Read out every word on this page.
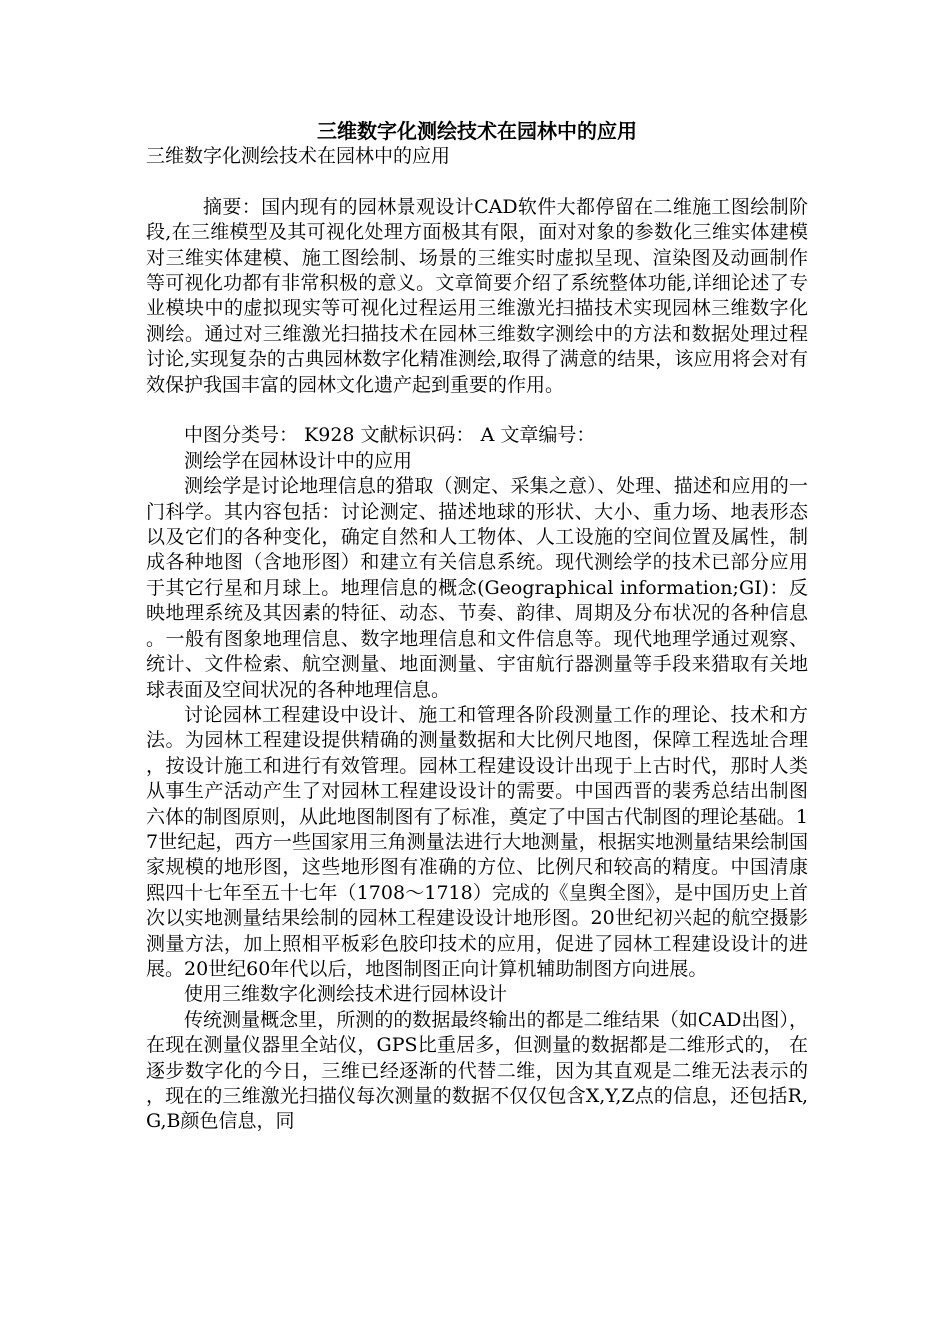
三维数字化测绘技术在园林中的应用

三维数字化测绘技术在园林中的应用

摘要：国内现有的园林景观设计CAD软件大都停留在二维施工图绘制阶段,在三维模型及其可视化处理方面极其有限，面对对象的参数化三维实体建模对三维实体建模、施工图绘制、场景的三维实时虚拟呈现、渲染图及动画制作等可视化功都有非常积极的意义。文章简要介绍了系统整体功能,详细论述了专业模块中的虚拟现实等可视化过程运用三维激光扫描技术实现园林三维数字化测绘。通过对三维激光扫描技术在园林三维数字测绘中的方法和数据处理过程讨论,实现复杂的古典园林数字化精准测绘,取得了满意的结果，该应用将会对有效保护我国丰富的园林文化遗产起到重要的作用。

中图分类号： K928 文献标识码： A 文章编号：

测绘学在园林设计中的应用

测绘学是讨论地理信息的猎取（测定、采集之意）、处理、描述和应用的一门科学。其内容包括：讨论测定、描述地球的形状、大小、重力场、地表形态以及它们的各种变化，确定自然和人工物体、人工设施的空间位置及属性，制成各种地图（含地形图）和建立有关信息系统。现代测绘学的技术已部分应用于其它行星和月球上。地理信息的概念(Geographical information;GI)：反映地理系统及其因素的特征、动态、节奏、韵律、周期及分布状况的各种信息。一般有图象地理信息、数字地理信息和文件信息等。现代地理学通过观察、统计、文件检索、航空测量、地面测量、宇宙航行器测量等手段来猎取有关地球表面及空间状况的各种地理信息。

讨论园林工程建设中设计、施工和管理各阶段测量工作的理论、技术和方法。为园林工程建设提供精确的测量数据和大比例尺地图，保障工程选址合理，按设计施工和进行有效管理。园林工程建设设计出现于上古时代，那时人类从事生产活动产生了对园林工程建设设计的需要。中国西晋的裴秀总结出制图六体的制图原则，从此地图制图有了标准，奠定了中国古代制图的理论基础。17世纪起，西方一些国家用三角测量法进行大地测量，根据实地测量结果绘制国家规模的地形图，这些地形图有准确的方位、比例尺和较高的精度。中国清康熙四十七年至五十七年（1708～1718）完成的《皇舆全图》，是中国历史上首次以实地测量结果绘制的园林工程建设设计地形图。20世纪初兴起的航空摄影测量方法，加上照相平板彩色胶印技术的应用，促进了园林工程建设设计的进展。20世纪60年代以后，地图制图正向计算机辅助制图方向进展。

使用三维数字化测绘技术进行园林设计

传统测量概念里，所测的的数据最终输出的都是二维结果（如CAD出图），在现在测量仪器里全站仪，GPS比重居多，但测量的数据都是二维形式的， 在逐步数字化的今日，三维已经逐渐的代替二维，因为其直观是二维无法表示的，现在的三维激光扫描仪每次测量的数据不仅仅包含X,Y,Z点的信息，还包括R,G,B颜色信息，同
